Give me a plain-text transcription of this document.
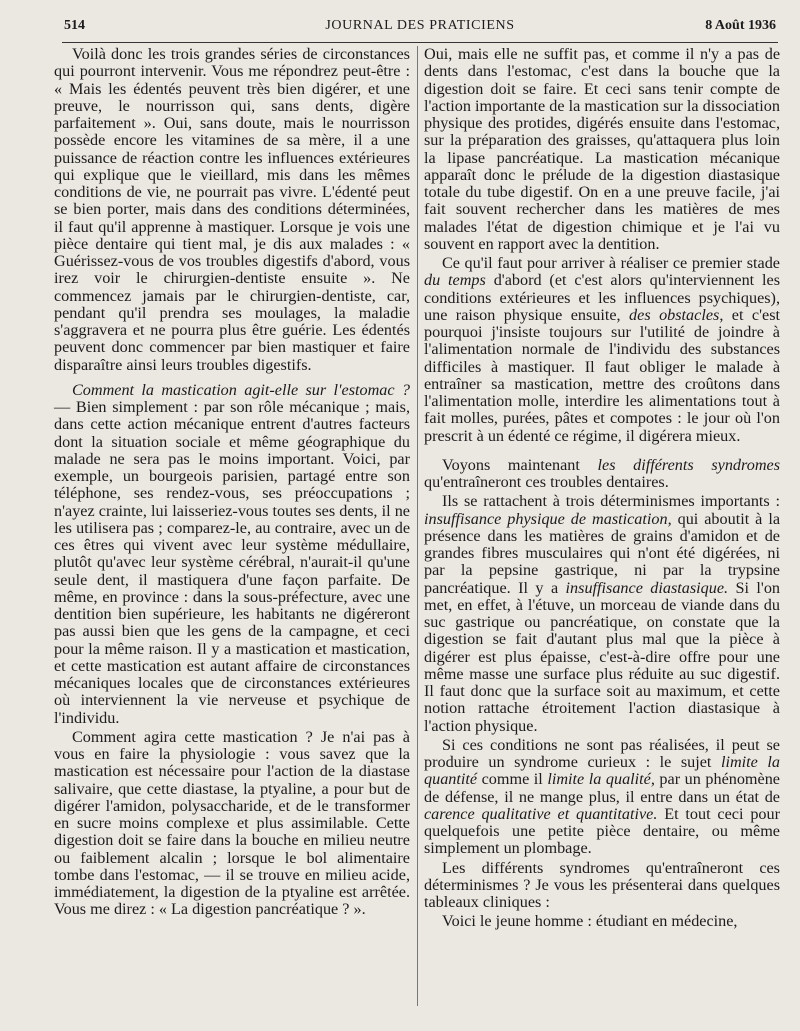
514	JOURNAL DES PRATICIENS	8 Août 1936

Voilà donc les trois grandes séries de circonstances qui pourront intervenir. Vous me répondrez peut-être : « Mais les édentés peuvent très bien digérer, et une preuve, le nourrisson qui, sans dents, digère parfaitement ». Oui, sans doute, mais le nourrisson possède encore les vitamines de sa mère, il a une puissance de réaction contre les influences extérieures qui explique que le vieillard, mis dans les mêmes conditions de vie, ne pourrait pas vivre. L'édenté peut se bien porter, mais dans des conditions déterminées, il faut qu'il apprenne à mastiquer. Lorsque je vois une pièce dentaire qui tient mal, je dis aux malades : « Guérissez-vous de vos troubles digestifs d'abord, vous irez voir le chirurgien-dentiste ensuite ». Ne commencez jamais par le chirurgien-dentiste, car, pendant qu'il prendra ses moulages, la maladie s'aggravera et ne pourra plus être guérie. Les édentés peuvent donc commencer par bien mastiquer et faire disparaître ainsi leurs troubles digestifs.

Comment la mastication agit-elle sur l'estomac ? — Bien simplement : par son rôle mécanique ; mais, dans cette action mécanique entrent d'autres facteurs dont la situation sociale et même géographique du malade ne sera pas le moins important. Voici, par exemple, un bourgeois parisien, partagé entre son téléphone, ses rendez-vous, ses préoccupations ; n'ayez crainte, lui laisseriez-vous toutes ses dents, il ne les utilisera pas ; comparez-le, au contraire, avec un de ces êtres qui vivent avec leur système médullaire, plutôt qu'avec leur système cérébral, n'aurait-il qu'une seule dent, il mastiquera d'une façon parfaite. De même, en province : dans la sous-préfecture, avec une dentition bien supérieure, les habitants ne digéreront pas aussi bien que les gens de la campagne, et ceci pour la même raison. Il y a mastication et mastication, et cette mastication est autant affaire de circonstances mécaniques locales que de circonstances extérieures où interviennent la vie nerveuse et psychique de l'individu.

Comment agira cette mastication ? Je n'ai pas à vous en faire la physiologie : vous savez que la mastication est nécessaire pour l'action de la diastase salivaire, que cette diastase, la ptyaline, a pour but de digérer l'amidon, polysaccharide, et de le transformer en sucre moins complexe et plus assimilable. Cette digestion doit se faire dans la bouche en milieu neutre ou faiblement alcalin ; lorsque le bol alimentaire tombe dans l'estomac, — il se trouve en milieu acide, immédiatement, la digestion de la ptyaline est arrêtée. Vous me direz : « La digestion pancréatique ? ».

Oui, mais elle ne suffit pas, et comme il n'y a pas de dents dans l'estomac, c'est dans la bouche que la digestion doit se faire. Et ceci sans tenir compte de l'action importante de la mastication sur la dissociation physique des protides, digérés ensuite dans l'estomac, sur la préparation des graisses, qu'attaquera plus loin la lipase pancréatique. La mastication mécanique apparaît donc le prélude de la digestion diastasique totale du tube digestif. On en a une preuve facile, j'ai fait souvent rechercher dans les matières de mes malades l'état de digestion chimique et je l'ai vu souvent en rapport avec la dentition.

Ce qu'il faut pour arriver à réaliser ce premier stade du temps d'abord (et c'est alors qu'interviennent les conditions extérieures et les influences psychiques), une raison physique ensuite, des obstacles, et c'est pourquoi j'insiste toujours sur l'utilité de joindre à l'alimentation normale de l'individu des substances difficiles à mastiquer. Il faut obliger le malade à entraîner sa mastication, mettre des croûtons dans l'alimentation molle, interdire les alimentations tout à fait molles, purées, pâtes et compotes : le jour où l'on prescrit à un édenté ce régime, il digérera mieux.

Voyons maintenant les différents syndromes qu'entraîneront ces troubles dentaires.

Ils se rattachent à trois déterminismes importants : insuffisance physique de mastication, qui aboutit à la présence dans les matières de grains d'amidon et de grandes fibres musculaires qui n'ont été digérées, ni par la pepsine gastrique, ni par la trypsine pancréatique. Il y a insuffisance diastasique. Si l'on met, en effet, à l'étuve, un morceau de viande dans du suc gastrique ou pancréatique, on constate que la digestion se fait d'autant plus mal que la pièce à digérer est plus épaisse, c'est-à-dire offre pour une même masse une surface plus réduite au suc digestif. Il faut donc que la surface soit au maximum, et cette notion rattache étroitement l'action diastasique à l'action physique.

Si ces conditions ne sont pas réalisées, il peut se produire un syndrome curieux : le sujet limite la quantité comme il limite la qualité, par un phénomène de défense, il ne mange plus, il entre dans un état de carence qualitative et quantitative. Et tout ceci pour quelquefois une petite pièce dentaire, ou même simplement un plombage.

Les différents syndromes qu'entraîneront ces déterminismes ? Je vous les présenterai dans quelques tableaux cliniques :

Voici le jeune homme : étudiant en médecine,
